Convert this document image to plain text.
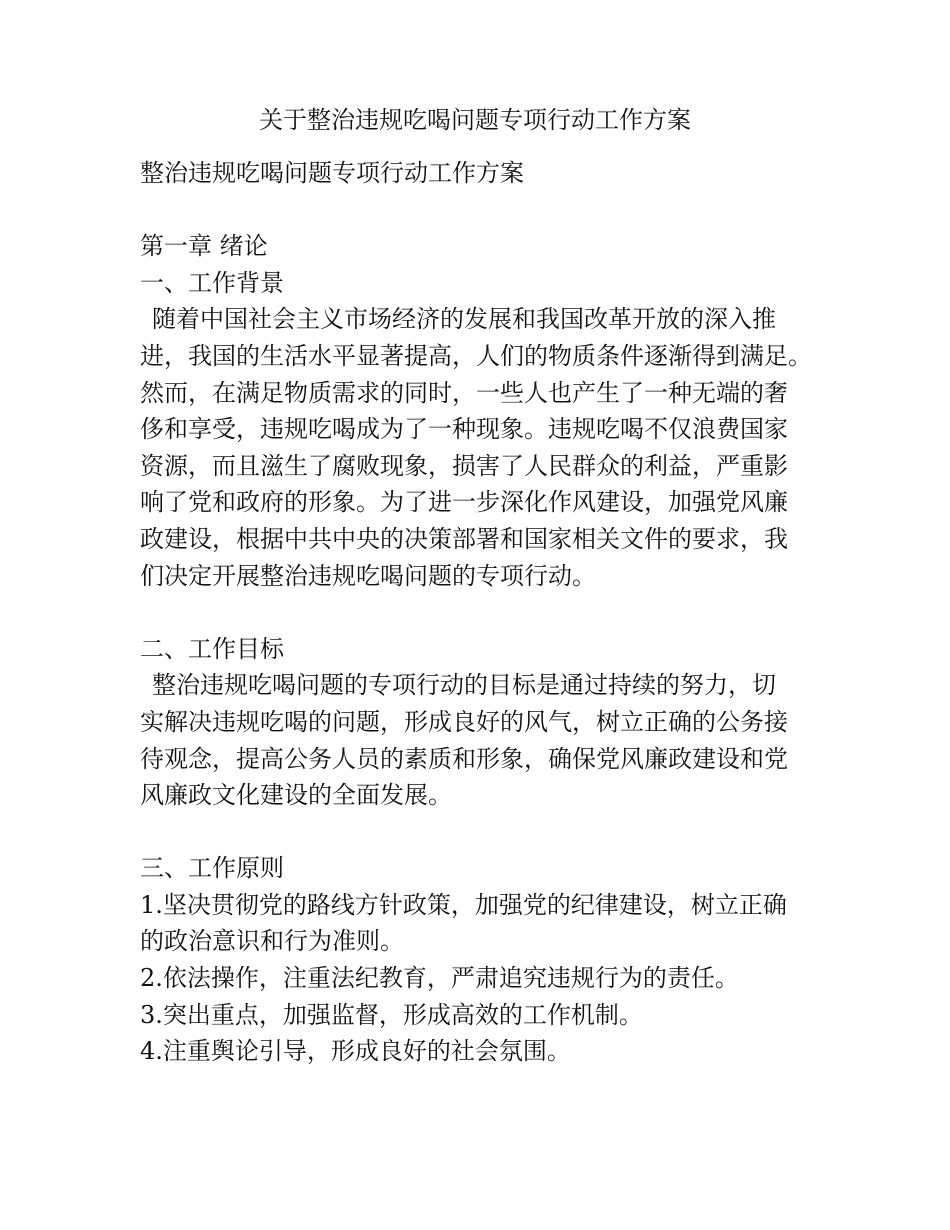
关于整治违规吃喝问题专项行动工作方案
整治违规吃喝问题专项行动工作方案
第一章 绪论
一、工作背景
随着中国社会主义市场经济的发展和我国改革开放的深入推
进，我国的生活水平显著提高，人们的物质条件逐渐得到满足。
然而，在满足物质需求的同时，一些人也产生了一种无端的奢
侈和享受，违规吃喝成为了一种现象。违规吃喝不仅浪费国家
资源，而且滋生了腐败现象，损害了人民群众的利益，严重影
响了党和政府的形象。为了进一步深化作风建设，加强党风廉
政建设，根据中共中央的决策部署和国家相关文件的要求，我
们决定开展整治违规吃喝问题的专项行动。
二、工作目标
整治违规吃喝问题的专项行动的目标是通过持续的努力，切
实解决违规吃喝的问题，形成良好的风气，树立正确的公务接
待观念，提高公务人员的素质和形象，确保党风廉政建设和党
风廉政文化建设的全面发展。
三、工作原则
1.坚决贯彻党的路线方针政策，加强党的纪律建设，树立正确
的政治意识和行为准则。
2.依法操作，注重法纪教育，严肃追究违规行为的责任。
3.突出重点，加强监督，形成高效的工作机制。
4.注重舆论引导，形成良好的社会氛围。
